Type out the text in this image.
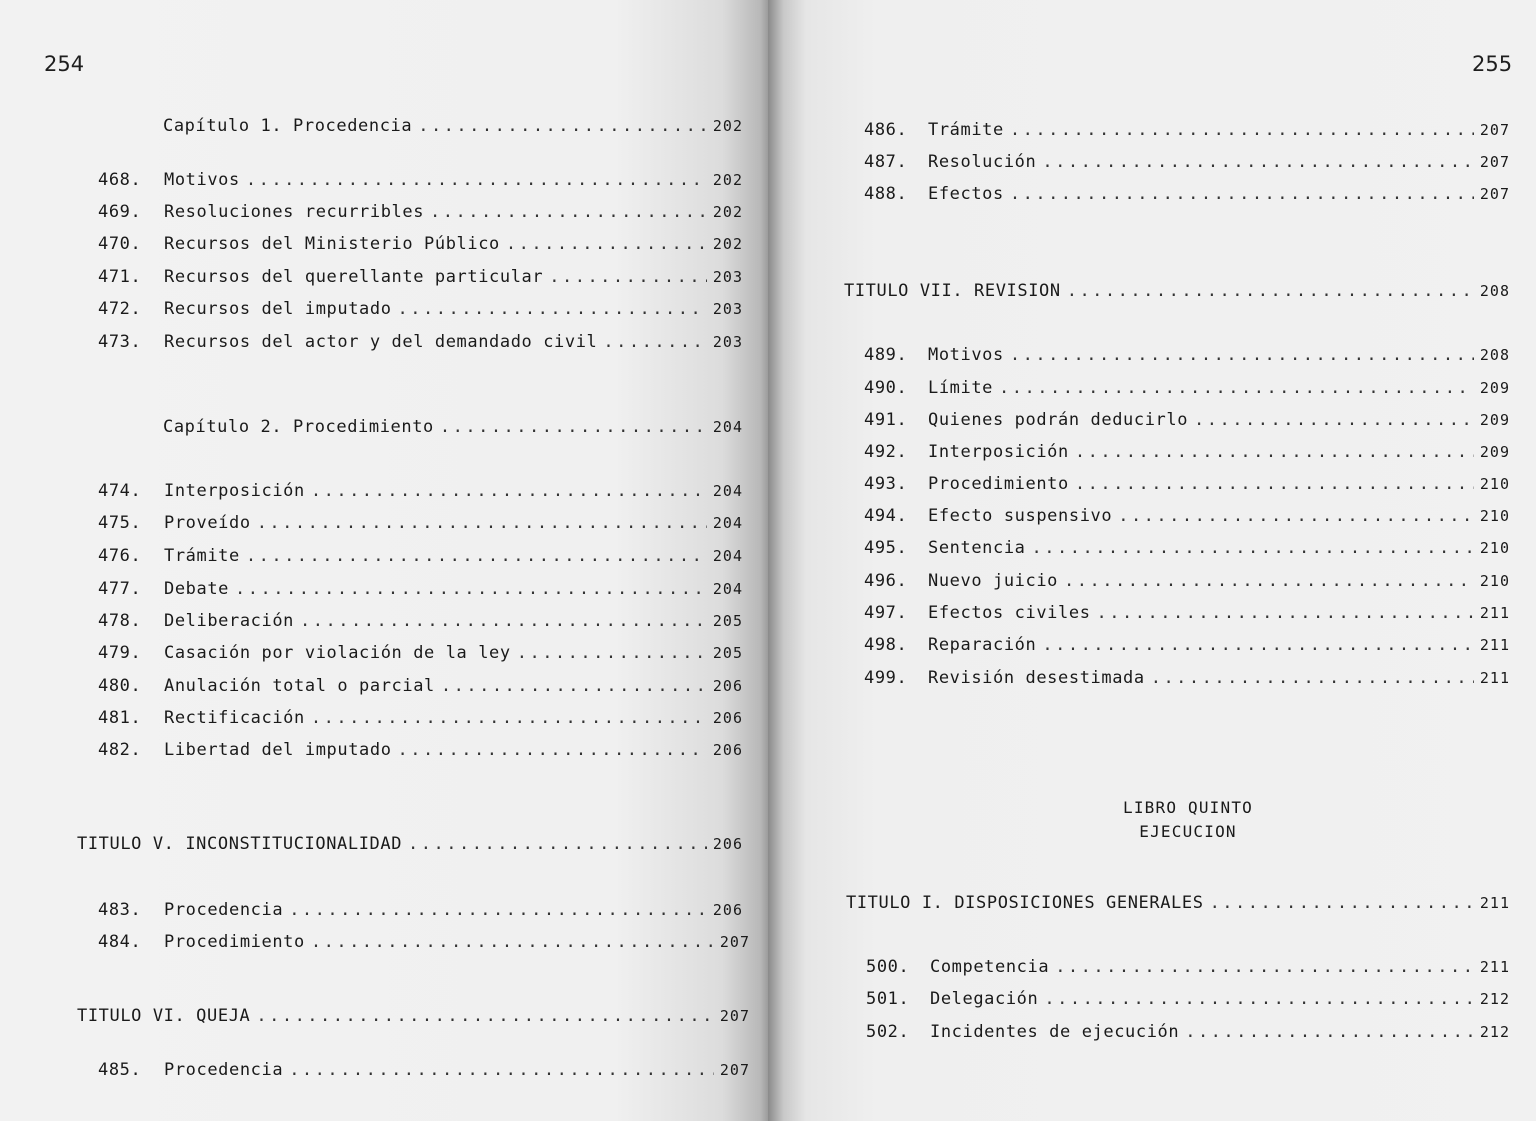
254
Capítulo 1. Procedencia .....	202
468.	Motivos .....	202
469.	Resoluciones recurribles .....	202
470.	Recursos del Ministerio Público .....	202
471.	Recursos del querellante particular .....	203
472.	Recursos del imputado .....	203
473.	Recursos del actor y del demandado civil .....	203
Capítulo 2. Procedimiento .....	204
474.	Interposición .....	204
475.	Proveído .....	204
476.	Trámite .....	204
477.	Debate .....	204
478.	Deliberación .....	205
479.	Casación por violación de la ley .....	205
480.	Anulación total o parcial .....	206
481.	Rectificación .....	206
482.	Libertad del imputado .....	206
TITULO V. INCONSTITUCIONALIDAD .....	206
483.	Procedencia .....	206
484.	Procedimiento .....	207
TITULO VI. QUEJA .....	207
485.	Procedencia .....	207
255
486.	Trámite .....	207
487.	Resolución .....	207
488.	Efectos .....	207
TITULO VII. REVISION .....	208
489.	Motivos .....	208
490.	Límite .....	209
491.	Quienes podrán deducirlo .....	209
492.	Interposición .....	209
493.	Procedimiento .....	210
494.	Efecto suspensivo .....	210
495.	Sentencia .....	210
496.	Nuevo juicio .....	210
497.	Efectos civiles .....	211
498.	Reparación .....	211
499.	Revisión desestimada .....	211
LIBRO QUINTO
EJECUCION
TITULO I. DISPOSICIONES GENERALES .....	211
500.	Competencia .....	211
501.	Delegación .....	212
502.	Incidentes de ejecución .....	212
